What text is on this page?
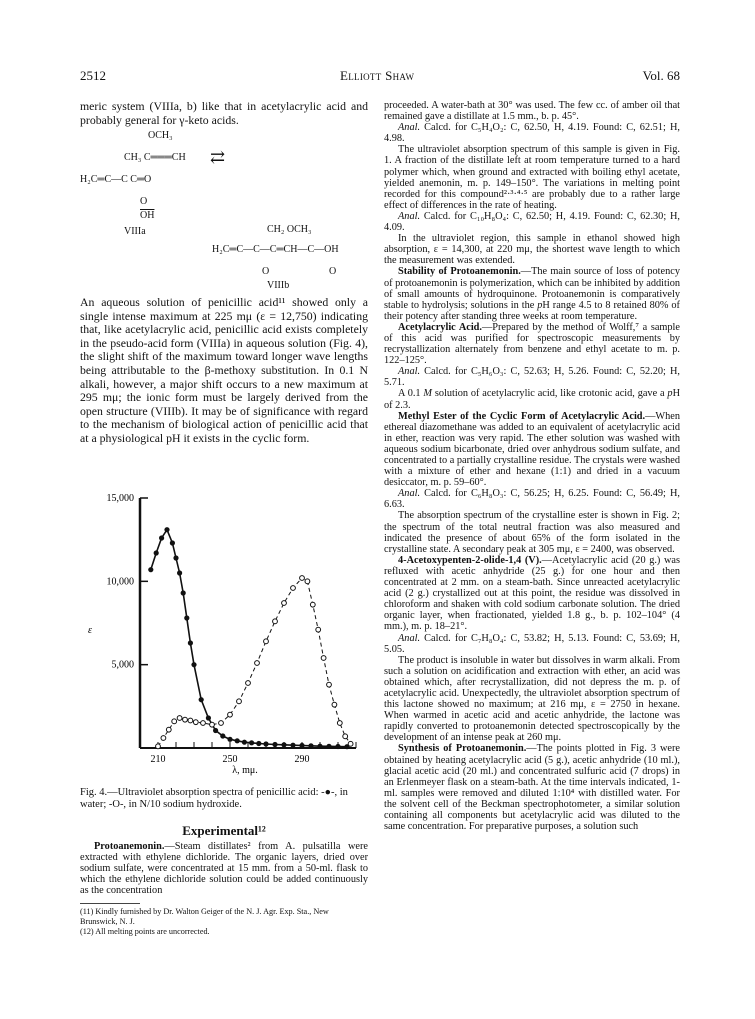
2512	Elliott Shaw	Vol. 68

meric system (VIIIa, b) like that in acetylacrylic acid and probably general for γ-keto acids.

OCH₃
CH₃ C═══CH
H₂C═C—C C═O
O
$\overline{OH}$
VIIIa
⇄
CH₂ OCH₃
H₂C═C—C—C═CH—C—OH
O	O
VIIIb

An aqueous solution of penicillic acid¹¹ showed only a single intense maximum at 225 mμ (ε = 12,750) indicating that, like acetylacrylic acid, penicillic acid exists completely in the pseudo-acid form (VIIIa) in aqueous solution (Fig. 4), the slight shift of the maximum toward longer wave lengths being attributable to the β-methoxy substitution. In 0.1 N alkali, however, a major shift occurs to a new maximum at 295 mμ; the ionic form must be largely derived from the open structure (VIIIb). It may be of significance with regard to the mechanism of biological action of penicillic acid that at a physiological pH it exists in the cyclic form.

15,000
10,000
5,000
210	250	290
λ, mμ.
ε
Fig. 4.—Ultraviolet absorption spectra of penicillic acid: -●-, in water; -O-, in N/10 sodium hydroxide.
Experimental¹²

Protoanemonin.—Steam distillates² from A. pulsatilla were extracted with ethylene dichloride. The organic layers, dried over sodium sulfate, were concentrated at 15 mm. from a 50-ml. flask to which the ethylene dichloride solution could be added continuously as the concentration

(11) Kindly furnished by Dr. Walton Geiger of the N. J. Agr. Exp. Sta., New Brunswick, N. J.
(12) All melting points are uncorrected.

proceeded. A water-bath at 30° was used. The few cc. of amber oil that remained gave a distillate at 1.5 mm., b. p. 45°.

Anal. Calcd. for C₅H₄O₂: C, 62.50, H, 4.19. Found: C, 62.51; H, 4.98.

The ultraviolet absorption spectrum of this sample is given in Fig. 1. A fraction of the distillate left at room temperature turned to a hard polymer which, when ground and extracted with boiling ethyl acetate, yielded anemonin, m. p. 149–150°. The variations in melting point recorded for this compound²·³·⁴·⁵ are probably due to a rather large effect of differences in the rate of heating.

Anal. Calcd. for C₁₀H₈O₄: C, 62.50; H, 4.19. Found: C, 62.30; H, 4.09.

In the ultraviolet region, this sample in ethanol showed high absorption, ε = 14,300, at 220 mμ, the shortest wave length to which the measurement was extended.

Stability of Protoanemonin.—The main source of loss of potency of protoanemonin is polymerization, which can be inhibited by addition of small amounts of hydroquinone. Protoanemonin is comparatively stable to hydrolysis; solutions in the pH range 4.5 to 8 retained 80% of their potency after standing three weeks at room temperature.

Acetylacrylic Acid.—Prepared by the method of Wolff,⁷ a sample of this acid was purified for spectroscopic measurements by recrystallization alternately from benzene and ethyl acetate to m. p. 122–125°.

Anal. Calcd. for C₅H₆O₃: C, 52.63; H, 5.26. Found: C, 52.20; H, 5.71.

A 0.1 M solution of acetylacrylic acid, like crotonic acid, gave a pH of 2.3.

Methyl Ester of the Cyclic Form of Acetylacrylic Acid.—When ethereal diazomethane was added to an equivalent of acetylacrylic acid in ether, reaction was very rapid. The ether solution was washed with aqueous sodium bicarbonate, dried over anhydrous sodium sulfate, and concentrated to a partially crystalline residue. The crystals were washed with a mixture of ether and hexane (1:1) and dried in a vacuum desiccator, m. p. 59–60°.

Anal. Calcd. for C₆H₈O₃: C, 56.25; H, 6.25. Found: C, 56.49; H, 6.63.

The absorption spectrum of the crystalline ester is shown in Fig. 2; the spectrum of the total neutral fraction was also measured and indicated the presence of about 65% of the form isolated in the crystalline state. A secondary peak at 305 mμ, ε = 2400, was observed.

4-Acetoxypenten-2-olide-1,4 (V).—Acetylacrylic acid (20 g.) was refluxed with acetic anhydride (25 g.) for one hour and then concentrated at 2 mm. on a steam-bath. Since unreacted acetylacrylic acid (2 g.) crystallized out at this point, the residue was dissolved in chloroform and shaken with cold sodium carbonate solution. The dried organic layer, when fractionated, yielded 1.8 g., b. p. 102–104° (4 mm.), m. p. 18–21°.

Anal. Calcd. for C₇H₈O₄: C, 53.82; H, 5.13. Found: C, 53.69; H, 5.05.

The product is insoluble in water but dissolves in warm alkali. From such a solution on acidification and extraction with ether, an acid was obtained which, after recrystallization, did not depress the m. p. of acetylacrylic acid. Unexpectedly, the ultraviolet absorption spectrum of this lactone showed no maximum; at 216 mμ, ε = 2750 in hexane. When warmed in acetic acid and acetic anhydride, the lactone was rapidly converted to protoanemonin detected spectroscopically by the development of an intense peak at 260 mμ.

Synthesis of Protoanemonin.—The points plotted in Fig. 3 were obtained by heating acetylacrylic acid (5 g.), acetic anhydride (10 ml.), glacial acetic acid (20 ml.) and concentrated sulfuric acid (7 drops) in an Erlenmeyer flask on a steam-bath. At the time intervals indicated, 1-ml. samples were removed and diluted 1:10⁴ with distilled water. For the solvent cell of the Beckman spectrophotometer, a similar solution containing all components but acetylacrylic acid was diluted to the same concentration. For preparative purposes, a solution such
